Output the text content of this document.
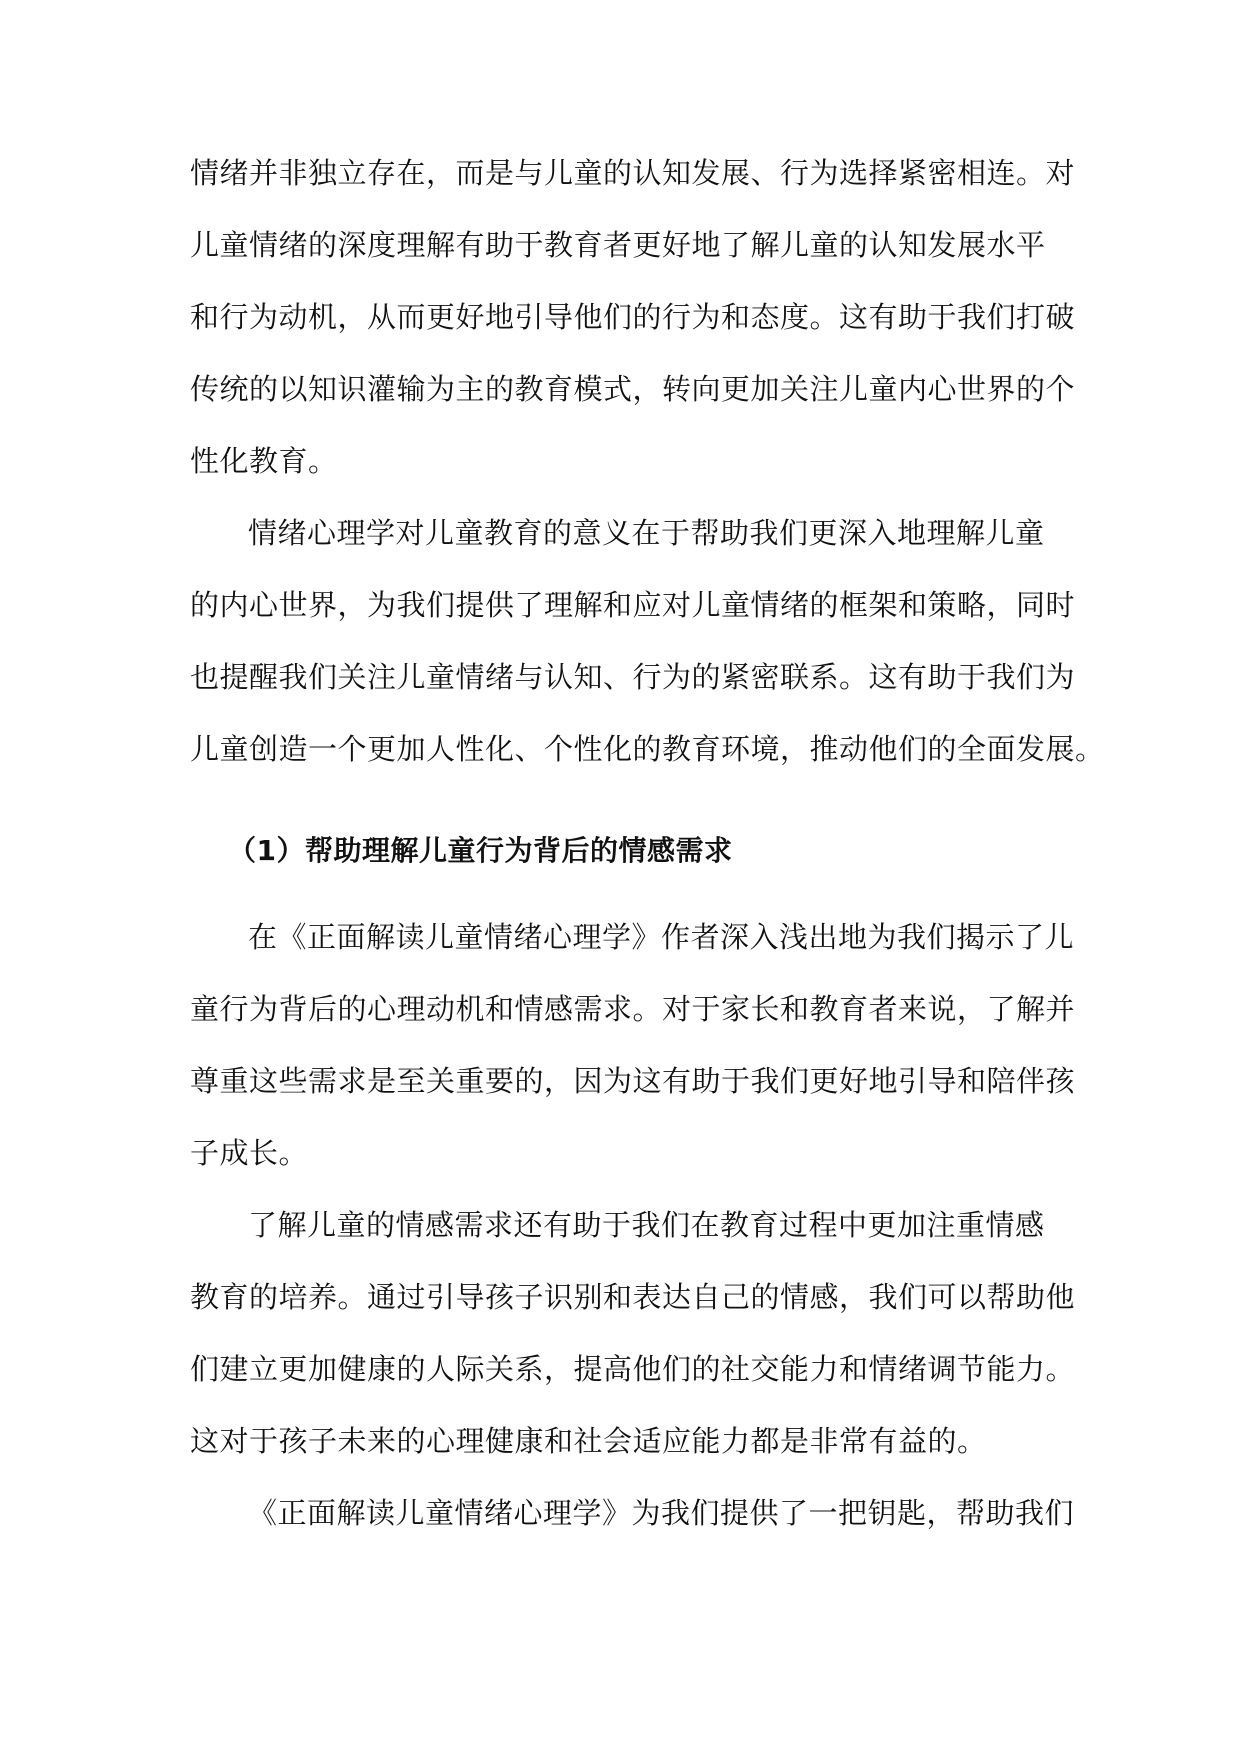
情绪并非独立存在，而是与儿童的认知发展、行为选择紧密相连。对
儿童情绪的深度理解有助于教育者更好地了解儿童的认知发展水平
和行为动机，从而更好地引导他们的行为和态度。这有助于我们打破
传统的以知识灌输为主的教育模式，转向更加关注儿童内心世界的个
性化教育。
情绪心理学对儿童教育的意义在于帮助我们更深入地理解儿童
的内心世界，为我们提供了理解和应对儿童情绪的框架和策略，同时
也提醒我们关注儿童情绪与认知、行为的紧密联系。这有助于我们为
儿童创造一个更加人性化、个性化的教育环境，推动他们的全面发展。
（1）帮助理解儿童行为背后的情感需求
在《正面解读儿童情绪心理学》作者深入浅出地为我们揭示了儿
童行为背后的心理动机和情感需求。对于家长和教育者来说，了解并
尊重这些需求是至关重要的，因为这有助于我们更好地引导和陪伴孩
子成长。
了解儿童的情感需求还有助于我们在教育过程中更加注重情感
教育的培养。通过引导孩子识别和表达自己的情感，我们可以帮助他
们建立更加健康的人际关系，提高他们的社交能力和情绪调节能力。
这对于孩子未来的心理健康和社会适应能力都是非常有益的。
《正面解读儿童情绪心理学》为我们提供了一把钥匙，帮助我们
